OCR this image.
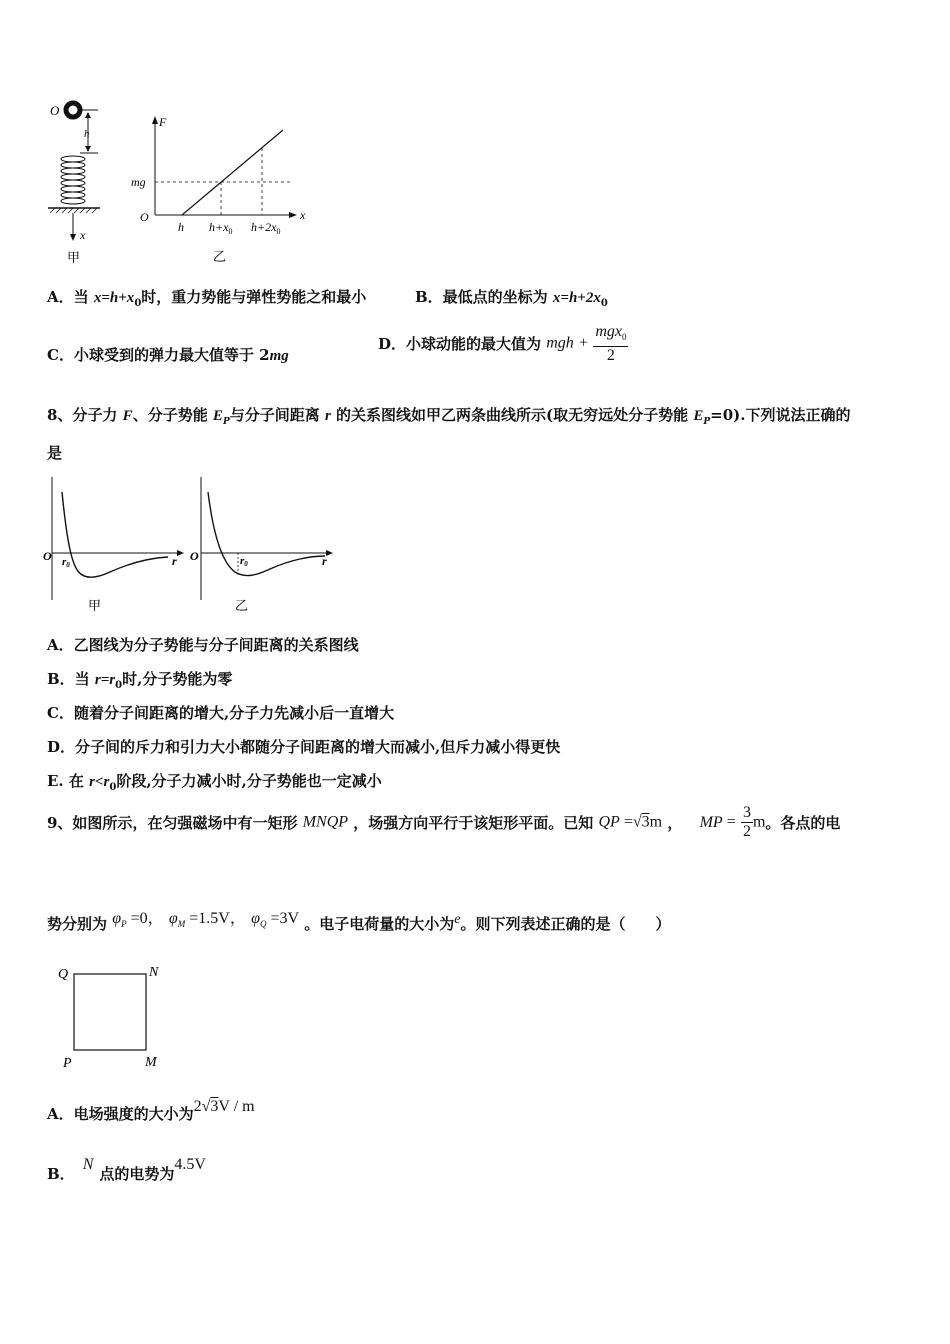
O
h
x
甲
F
x
O
mg
h $h+x_0$ $h+2x_0$
乙
A．当 $x=h+x_0$时，重力势能与弹性势能之和最小	B．最低点的坐标为 $x=h+2x_0$
C．小球受到的弹力最大值等于 2mg
D．小球动能的最大值为 mgh + $\frac{mgx_0}{2}$
8、分子力 F、分子势能 $E_P$与分子间距离 r 的关系图线如甲乙两条曲线所示(取无穷远处分子势能 $E_P=0$).下列说法正确的
是
O r0	r
甲
O	r0	r
乙
A．乙图线为分子势能与分子间距离的关系图线
B．当 $r=r_0$时,分子势能为零
C．随着分子间距离的增大,分子力先减小后一直增大
D．分子间的斥力和引力大小都随分子间距离的增大而减小,但斥力减小得更快
E. 在 $r<r_0$阶段,分子力减小时,分子势能也一定减小
9、如图所示，在匀强磁场中有一矩形 MNQP ，场强方向平行于该矩形平面。已知 QP =√3m ， MP = $\frac{3}{2}$ m。各点的电
势分别为 $\varphi_P =0$， $\varphi_M =1.5V$， $\varphi_Q =3V$ 。电子电荷量的大小为e。则下列表述正确的是（　　）
Q	N
P	M
A．电场强度的大小为2√3V / m
B．N点的电势为4.5V
